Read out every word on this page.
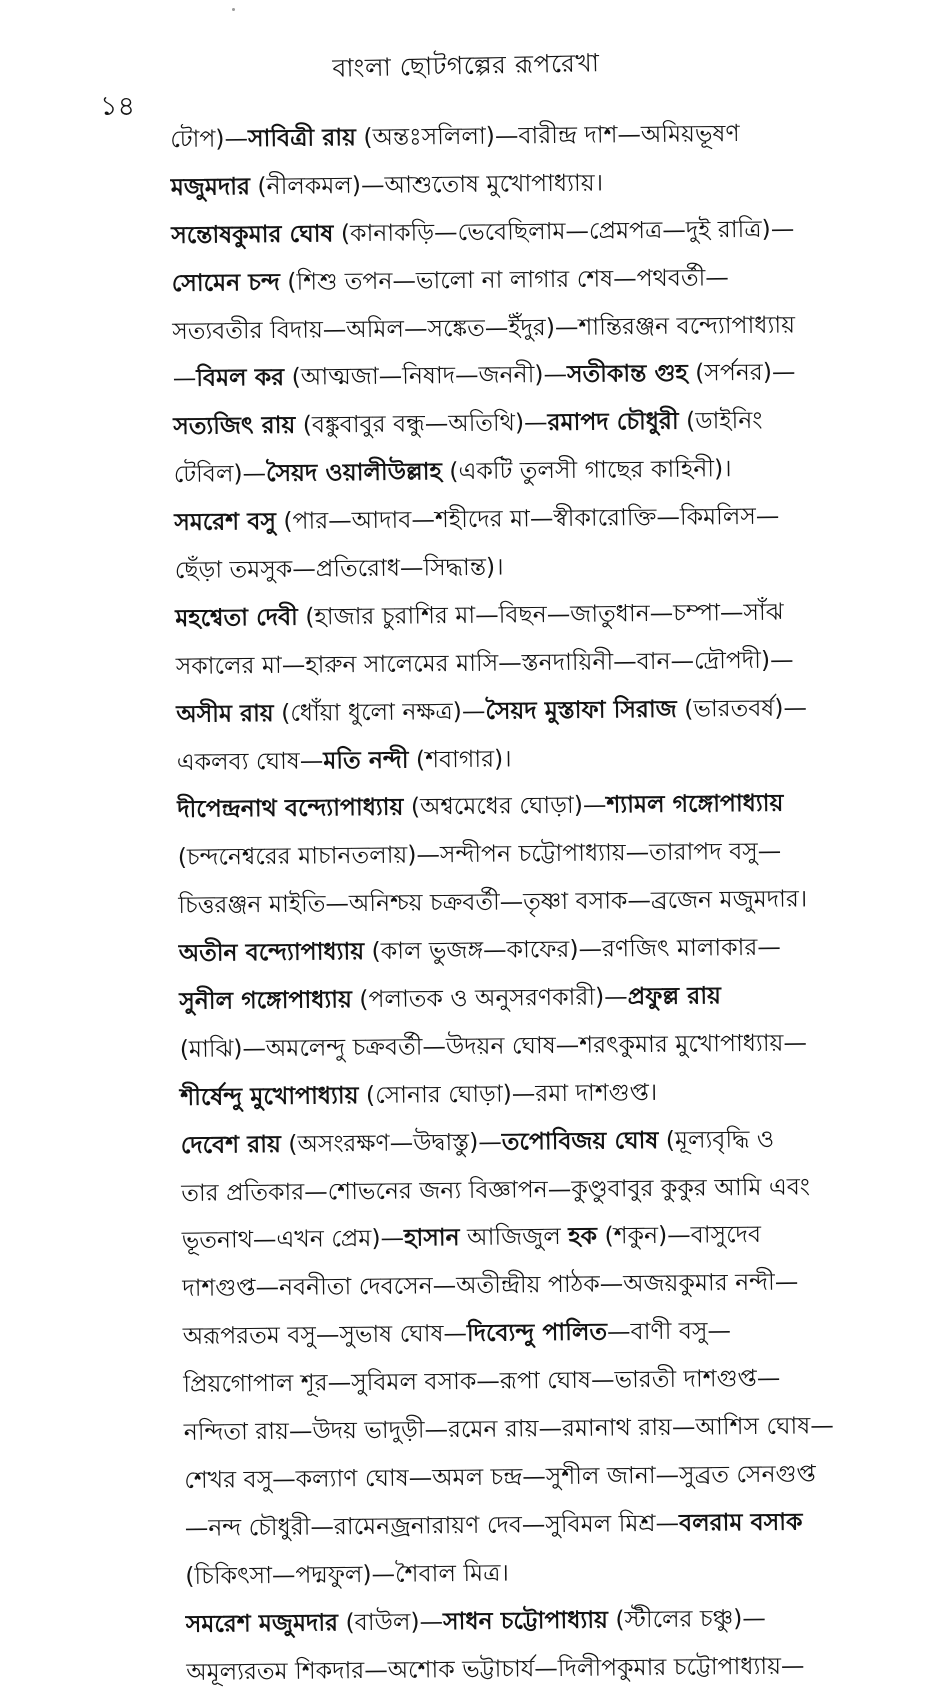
বাংলা ছোটগল্পের রূপরেখা
১৪
টোপ)—সাবিত্রী রায় (অন্তঃসলিলা)—বারীন্দ্র দাশ—অমিয়ভূষণ
মজুমদার (নীলকমল)—আশুতোষ মুখোপাধ্যায়।
সন্তোষকুমার ঘোষ (কানাকড়ি—ভেবেছিলাম—প্রেমপত্র—দুই রাত্রি)—
সোমেন চন্দ (শিশু তপন—ভালো না লাগার শেষ—পথবর্তী—
সত্যবতীর বিদায়—অমিল—সঙ্কেত—ইঁদুর)—শান্তিরঞ্জন বন্দ্যোপাধ্যায়
—বিমল কর (আত্মজা—নিষাদ—জননী)—সতীকান্ত গুহ (সর্পনর)—
সত্যজিৎ রায় (বঙ্কুবাবুর বন্ধু—অতিথি)—রমাপদ চৌধুরী (ডাইনিং
টেবিল)—সৈয়দ ওয়ালীউল্লাহ (একটি তুলসী গাছের কাহিনী)।
সমরেশ বসু (পার—আদাব—শহীদের মা—স্বীকারোক্তি—কিমলিস—
ছেঁড়া তমসুক—প্রতিরোধ—সিদ্ধান্ত)।
মহশ্বেতা দেবী (হাজার চুরাশির মা—বিছন—জাতুধান—চম্পা—সাঁঝ
সকালের মা—হারুন সালেমের মাসি—স্তনদায়িনী—বান—দ্রৌপদী)—
অসীম রায় (ধোঁয়া ধুলো নক্ষত্র)—সৈয়দ মুস্তাফা সিরাজ (ভারতবর্ষ)—
একলব্য ঘোষ—মতি নন্দী (শবাগার)।
দীপেন্দ্রনাথ বন্দ্যোপাধ্যায় (অশ্বমেধের ঘোড়া)—শ্যামল গঙ্গোপাধ্যায়
(চন্দনেশ্বরের মাচানতলায়)—সন্দীপন চট্টোপাধ্যায়—তারাপদ বসু—
চিত্তরঞ্জন মাইতি—অনিশ্চয় চক্রবর্তী—তৃষ্ণা বসাক—ব্রজেন মজুমদার।
অতীন বন্দ্যোপাধ্যায় (কাল ভুজঙ্গ—কাফের)—রণজিৎ মালাকার—
সুনীল গঙ্গোপাধ্যায় (পলাতক ও অনুসরণকারী)—প্রফুল্ল রায়
(মাঝি)—অমলেন্দু চক্রবর্তী—উদয়ন ঘোষ—শরৎকুমার মুখোপাধ্যায়—
শীর্ষেন্দু মুখোপাধ্যায় (সোনার ঘোড়া)—রমা দাশগুপ্ত।
দেবেশ রায় (অসংরক্ষণ—উদ্বাস্তু)—তপোবিজয় ঘোষ (মূল্যবৃদ্ধি ও
তার প্রতিকার—শোভনের জন্য বিজ্ঞাপন—কুণ্ডুবাবুর কুকুর আমি এবং
ভূতনাথ—এখন প্রেম)—হাসান আজিজুল হক (শকুন)—বাসুদেব
দাশগুপ্ত—নবনীতা দেবসেন—অতীন্দ্রীয় পাঠক—অজয়কুমার নন্দী—
অরূপরতম বসু—সুভাষ ঘোষ—দিব্যেন্দু পালিত—বাণী বসু—
প্রিয়গোপাল শূর—সুবিমল বসাক—রূপা ঘোষ—ভারতী দাশগুপ্ত—
নন্দিতা রায়—উদয় ভাদুড়ী—রমেন রায়—রমানাথ রায়—আশিস ঘোষ—
শেখর বসু—কল্যাণ ঘোষ—অমল চন্দ্র—সুশীল জানা—সুব্রত সেনগুপ্ত
—নন্দ চৌধুরী—রামেনজ্রনারায়ণ দেব—সুবিমল মিশ্র—বলরাম বসাক
(চিকিৎসা—পদ্মফুল)—শৈবাল মিত্র।
সমরেশ মজুমদার (বাউল)—সাধন চট্টোপাধ্যায় (স্টীলের চঞ্চু)—
অমূল্যরতম শিকদার—অশোক ভট্টাচার্য—দিলীপকুমার চট্টোপাধ্যায়—
